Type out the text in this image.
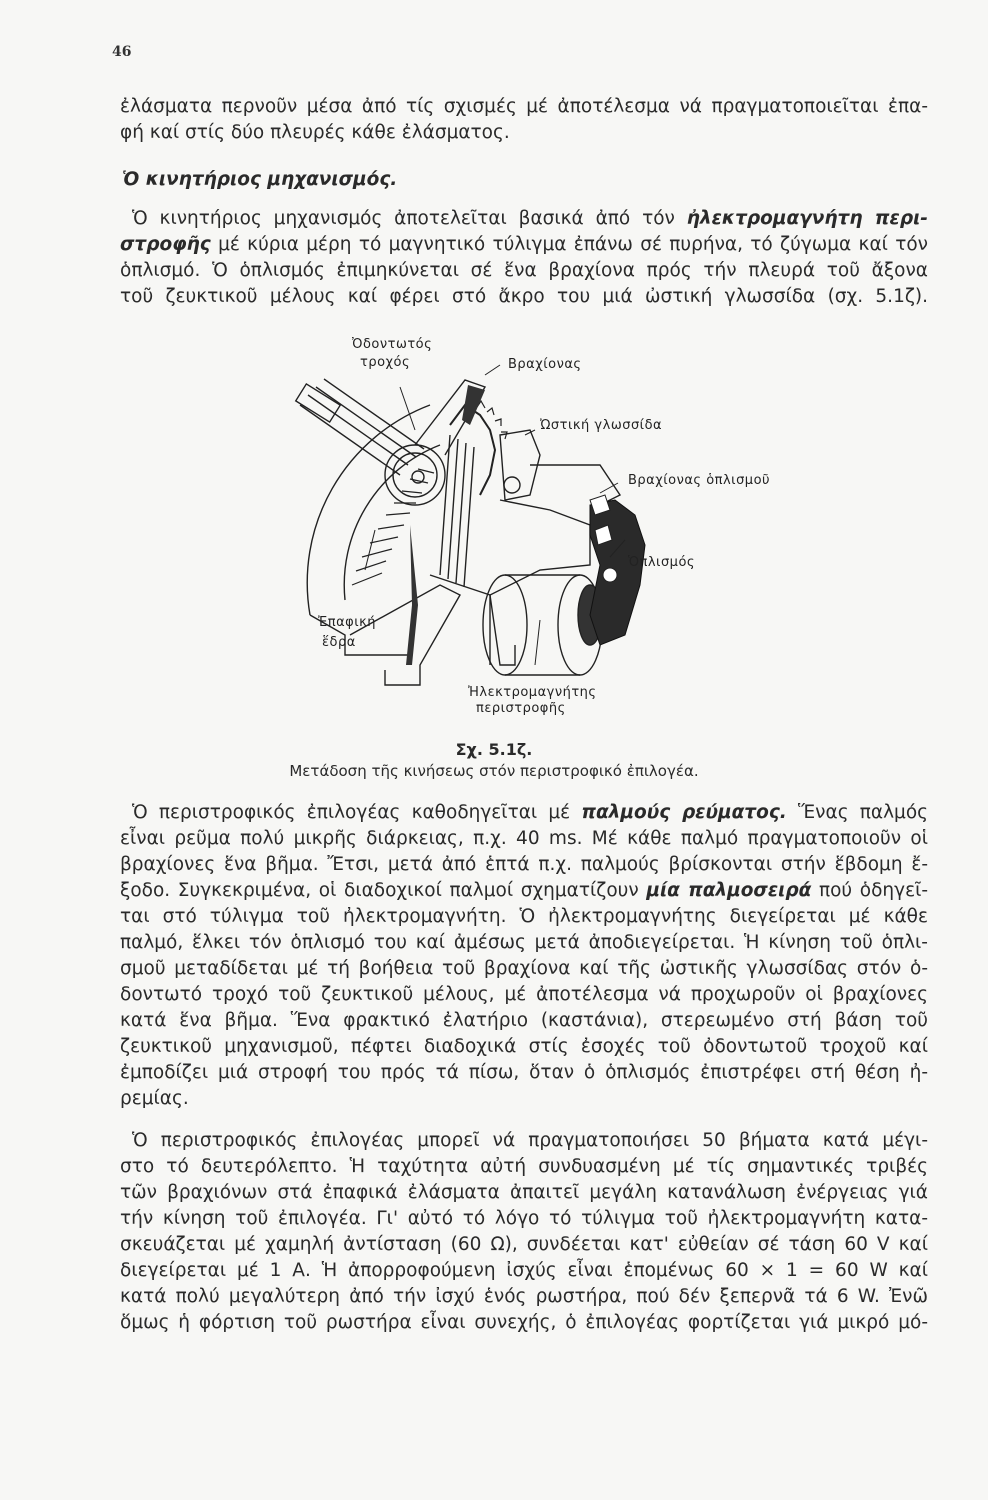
46
ἐλάσματα περνοῦν μέσα ἀπό τίς σχισμές μέ ἀποτέλεσμα νά πραγματοποιεῖται ἐπα-
φή καί στίς δύο πλευρές κάθε ἐλάσματος.
Ὁ κινητήριος μηχανισμός.
Ὁ κινητήριος μηχανισμός ἀποτελεῖται βασικά ἀπό τόν ἠλεκτρομαγνήτη περι-
στροφῆς μέ κύρια μέρη τό μαγνητικό τύλιγμα ἐπάνω σέ πυρήνα, τό ζύγωμα καί τόν
ὁπλισμό. Ὁ ὁπλισμός ἐπιμηκύνεται σέ ἕνα βραχίονα πρός τήν πλευρά τοῦ ἄξονα
τοῦ ζευκτικοῦ μέλους καί φέρει στό ἄκρο του μιά ὠστική γλωσσίδα (σχ. 5.1ζ).
Ὀδοντωτός
τροχός	Βραχίονας
Ὠστική γλωσσίδα
Βραχίονας ὁπλισμοῦ
Ὁπλισμός
Ἐπαφική
ἕδρα
Ἠλεκτρομαγνήτης
περιστροφῆς
Σχ. 5.1ζ.
Μετάδοση τῆς κινήσεως στόν περιστροφικό ἐπιλογέα.
Ὁ περιστροφικός ἐπιλογέας καθοδηγεῖται μέ παλμούς ρεύματος. Ἕνας παλμός
εἶναι ρεῦμα πολύ μικρῆς διάρκειας, π.χ. 40 ms. Μέ κάθε παλμό πραγματοποιοῦν οἱ
βραχίονες ἕνα βῆμα. Ἔτσι, μετά ἀπό ἑπτά π.χ. παλμούς βρίσκονται στήν ἕβδομη ἔ-
ξοδο. Συγκεκριμένα, οἱ διαδοχικοί παλμοί σχηματίζουν μία παλμοσειρά πού ὁδηγεῖ-
ται στό τύλιγμα τοῦ ἠλεκτρομαγνήτη. Ὁ ἠλεκτρομαγνήτης διεγείρεται μέ κάθε
παλμό, ἕλκει τόν ὁπλισμό του καί ἀμέσως μετά ἀποδιεγείρεται. Ἡ κίνηση τοῦ ὁπλι-
σμοῦ μεταδίδεται μέ τή βοήθεια τοῦ βραχίονα καί τῆς ὠστικῆς γλωσσίδας στόν ὁ-
δοντωτό τροχό τοῦ ζευκτικοῦ μέλους, μέ ἀποτέλεσμα νά προχωροῦν οἱ βραχίονες
κατά ἕνα βῆμα. Ἕνα φρακτικό ἐλατήριο (καστάνια), στερεωμένο στή βάση τοῦ
ζευκτικοῦ μηχανισμοῦ, πέφτει διαδοχικά στίς ἐσοχές τοῦ ὀδοντωτοῦ τροχοῦ καί
ἐμποδίζει μιά στροφή του πρός τά πίσω, ὅταν ὁ ὁπλισμός ἐπιστρέφει στή θέση ἠ-
ρεμίας.
Ὁ περιστροφικός ἐπιλογέας μπορεῖ νά πραγματοποιήσει 50 βήματα κατά μέγι-
στο τό δευτερόλεπτο. Ἡ ταχύτητα αὐτή συνδυασμένη μέ τίς σημαντικές τριβές
τῶν βραχιόνων στά ἐπαφικά ἐλάσματα ἀπαιτεῖ μεγάλη κατανάλωση ἐνέργειας γιά
τήν κίνηση τοῦ ἐπιλογέα. Γι' αὐτό τό λόγο τό τύλιγμα τοῦ ἠλεκτρομαγνήτη κατα-
σκευάζεται μέ χαμηλή ἀντίσταση (60 Ω), συνδέεται κατ' εὐθείαν σέ τάση 60 V καί
διεγείρεται μέ 1 Α. Ἡ ἀπορροφούμενη ἰσχύς εἶναι ἑπομένως 60 × 1 = 60 W καί
κατά πολύ μεγαλύτερη ἀπό τήν ἰσχύ ἑνός ρωστήρα, πού δέν ξεπερνᾶ τά 6 W. Ἐνῶ
ὅμως ἡ φόρτιση τοῦ ρωστήρα εἶναι συνεχής, ὁ ἐπιλογέας φορτίζεται γιά μικρό μό-
